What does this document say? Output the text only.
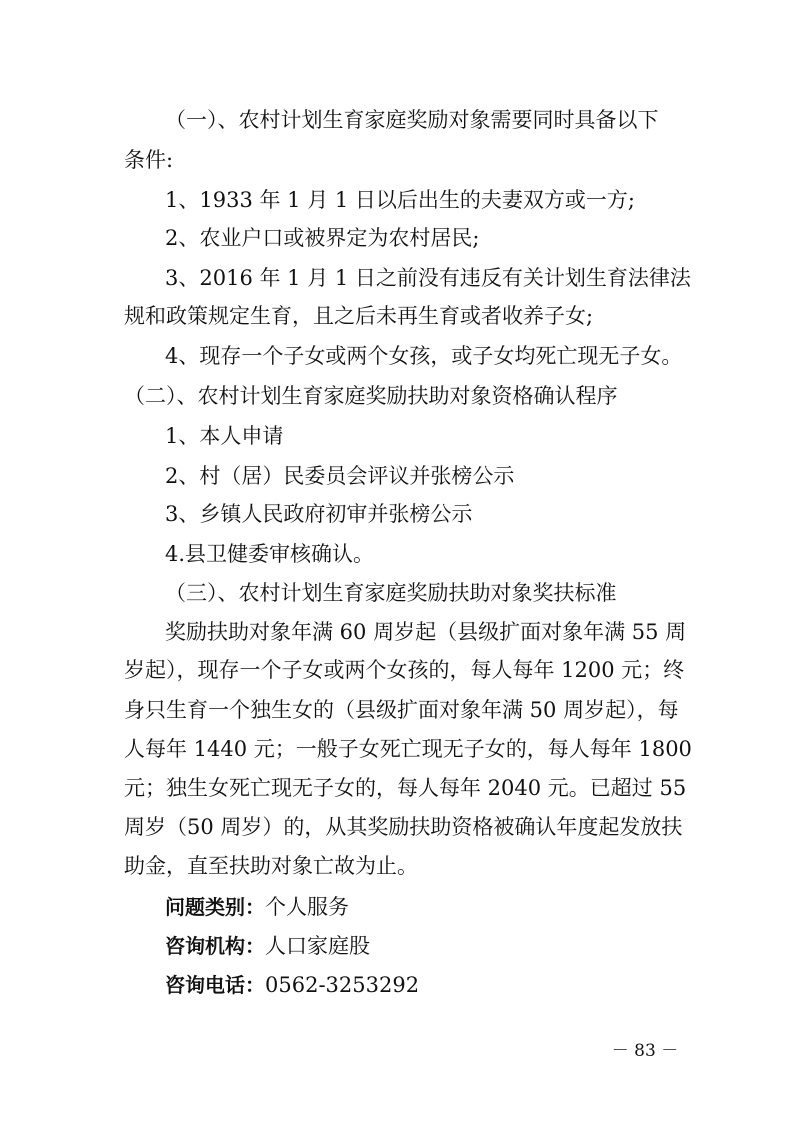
（一）、农村计划生育家庭奖励对象需要同时具备以下
条件:
1、1933 年 1 月 1 日以后出生的夫妻双方或一方;
2、农业户口或被界定为农村居民;
3、2016 年 1 月 1 日之前没有违反有关计划生育法律法
规和政策规定生育，且之后未再生育或者收养子女;
4、现存一个子女或两个女孩，或子女均死亡现无子女。
（二）、农村计划生育家庭奖励扶助对象资格确认程序
1、本人申请
2、村（居）民委员会评议并张榜公示
3、乡镇人民政府初审并张榜公示
4.县卫健委审核确认。
（三）、农村计划生育家庭奖励扶助对象奖扶标准
奖励扶助对象年满 60 周岁起（县级扩面对象年满 55 周
岁起），现存一个子女或两个女孩的，每人每年 1200 元；终
身只生育一个独生女的（县级扩面对象年满 50 周岁起），每
人每年 1440 元；一般子女死亡现无子女的，每人每年 1800
元；独生女死亡现无子女的，每人每年 2040 元。已超过 55
周岁（50 周岁）的，从其奖励扶助资格被确认年度起发放扶
助金，直至扶助对象亡故为止。
问题类别：个人服务
咨询机构：人口家庭股
咨询电话：0562-3253292
－ 83 －
